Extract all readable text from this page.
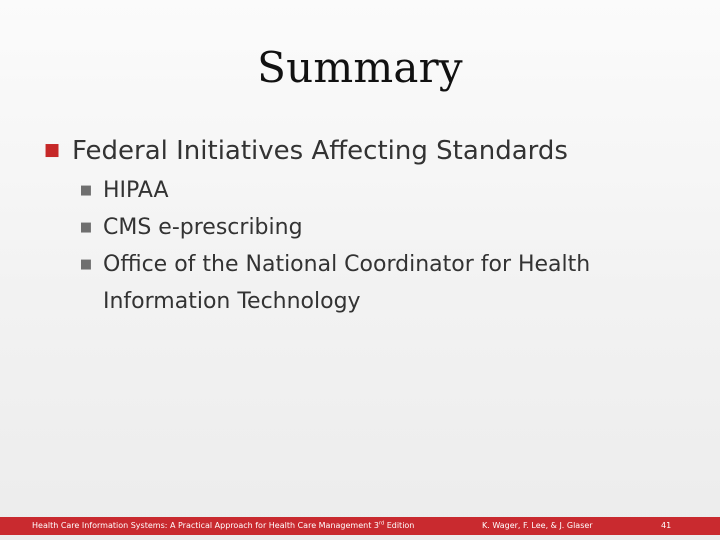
Summary
■ Federal Initiatives Affecting Standards
■ HIPAA
■ CMS e-prescribing
■ Office of the National Coordinator for Health Information Technology
Health Care Information Systems: A Practical Approach for Health Care Management 3rd Edition	K. Wager, F. Lee, & J. Glaser	41
